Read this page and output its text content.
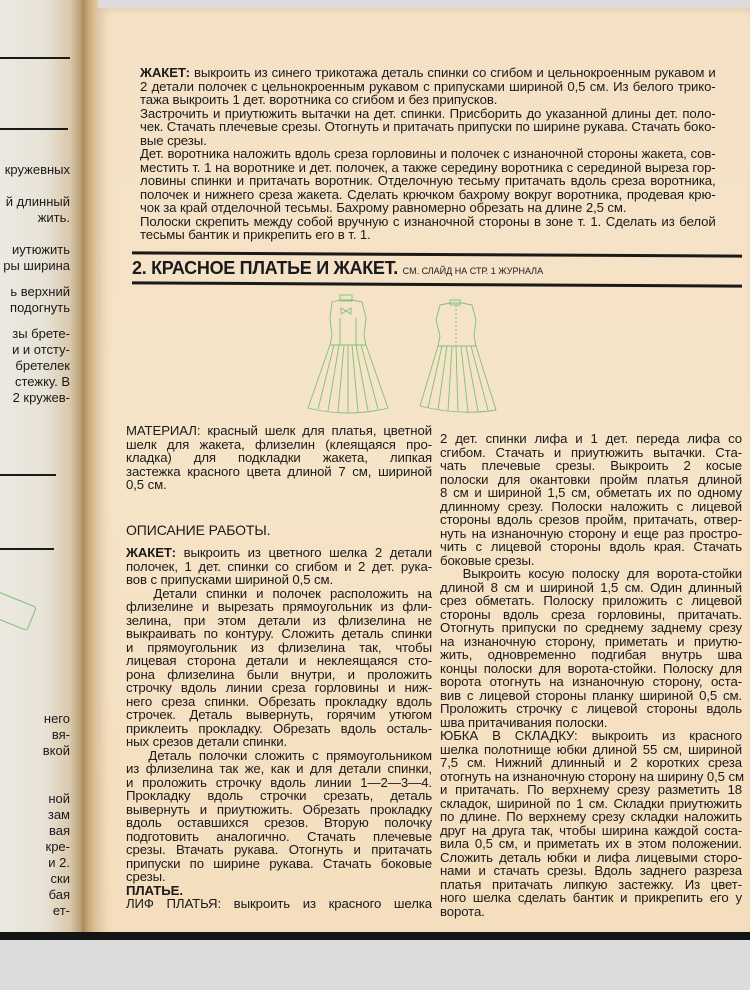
кружевных
й длинный
жить.
иутюжить
ры ширина
ь верхний
подогнуть
зы брете-
и и отсту-
бретелек
стежку. В
2 кружев-
него
вя-
вкой
ной
зам
вая
кре-
и 2.
ски
бая
ет-
ЖАКЕТ: выкроить из синего трикотажа деталь спинки со сгибом и цельнокроенным рукавом и
2 детали полочек с цельнокроенным рукавом с припусками шириной 0,5 см. Из белого трико-
тажа выкроить 1 дет. воротника со сгибом и без припусков.
Застрочить и приутюжить вытачки на дет. спинки. Присборить до указанной длины дет. поло-
чек. Стачать плечевые срезы. Отогнуть и притачать припуски по ширине рукава. Стачать боко-
вые срезы.
Дет. воротника наложить вдоль среза горловины и полочек с изнаночной стороны жакета, сов-
местить т. 1 на воротнике и дет. полочек, а также середину воротника с серединой выреза гор-
ловины спинки и притачать воротник. Отделочную тесьму притачать вдоль среза воротника,
полочек и нижнего среза жакета. Сделать крючком бахрому вокруг воротника, продевая крю-
чок за край отделочной тесьмы. Бахрому равномерно обрезать на длине 2,5 см.
Полоски скрепить между собой вручную с изнаночной стороны в зоне т. 1. Сделать из белой
тесьмы бантик и прикрепить его в т. 1.
2. КРАСНОЕ ПЛАТЬЕ И ЖАКЕТ. СМ. СЛАЙД НА СТР. 1 ЖУРНАЛА
МАТЕРИАЛ: красный шелк для платья, цветной
шелк для жакета, флизелин (клеящаяся про-
кладка) для подкладки жакета, липкая
застежка красного цвета длиной 7 см, шириной
0,5 см.
ОПИСАНИЕ РАБОТЫ.
ЖАКЕТ: выкроить из цветного шелка 2 детали
полочек, 1 дет. спинки со сгибом и 2 дет. рука-
вов с припусками шириной 0,5 см.
Детали спинки и полочек расположить на
флизелине и вырезать прямоугольник из фли-
зелина, при этом детали из флизелина не
выкраивать по контуру. Сложить деталь спинки
и прямоугольник из флизелина так, чтобы
лицевая сторона детали и неклеящаяся сто-
рона флизелина были внутри, и проложить
строчку вдоль линии среза горловины и ниж-
него среза спинки. Обрезать прокладку вдоль
строчек. Деталь вывернуть, горячим утюгом
приклеить прокладку. Обрезать вдоль осталь-
ных срезов детали спинки.
Деталь полочки сложить с прямоугольником
из флизелина так же, как и для детали спинки,
и проложить строчку вдоль линии 1—2—3—4.
Прокладку вдоль строчки срезать, деталь
вывернуть и приутюжить. Обрезать прокладку
вдоль оставшихся срезов. Вторую полочку
подготовить аналогично. Стачать плечевые
срезы. Втачать рукава. Отогнуть и притачать
припуски по ширине рукава. Стачать боковые
срезы.
ПЛАТЬЕ.
ЛИФ ПЛАТЬЯ: выкроить из красного шелка
2 дет. спинки лифа и 1 дет. переда лифа со
сгибом. Стачать и приутюжить вытачки. Ста-
чать плечевые срезы. Выкроить 2 косые
полоски для окантовки пройм платья длиной
8 см и шириной 1,5 см, обметать их по одному
длинному срезу. Полоски наложить с лицевой
стороны вдоль срезов пройм, притачать, отвер-
нуть на изнаночную сторону и еще раз простро-
чить с лицевой стороны вдоль края. Стачать
боковые срезы.
Выкроить косую полоску для ворота-стойки
длиной 8 см и шириной 1,5 см. Один длинный
срез обметать. Полоску приложить с лицевой
стороны вдоль среза горловины, притачать.
Отогнуть припуски по среднему заднему срезу
на изнаночную сторону, приметать и приутю-
жить, одновременно подгибая внутрь шва
концы полоски для ворота-стойки. Полоску для
ворота отогнуть на изнаночную сторону, оста-
вив с лицевой стороны планку шириной 0,5 см.
Проложить строчку с лицевой стороны вдоль
шва притачивания полоски.
ЮБКА В СКЛАДКУ: выкроить из красного
шелка полотнище юбки длиной 55 см, шириной
7,5 см. Нижний длинный и 2 коротких среза
отогнуть на изнаночную сторону на ширину 0,5 см
и притачать. По верхнему срезу разметить 18
складок, шириной по 1 см. Складки приутюжить
по длине. По верхнему срезу складки наложить
друг на друга так, чтобы ширина каждой соста-
вила 0,5 см, и приметать их в этом положении.
Сложить деталь юбки и лифа лицевыми сторо-
нами и стачать срезы. Вдоль заднего разреза
платья притачать липкую застежку. Из цвет-
ного шелка сделать бантик и прикрепить его у
ворота.
